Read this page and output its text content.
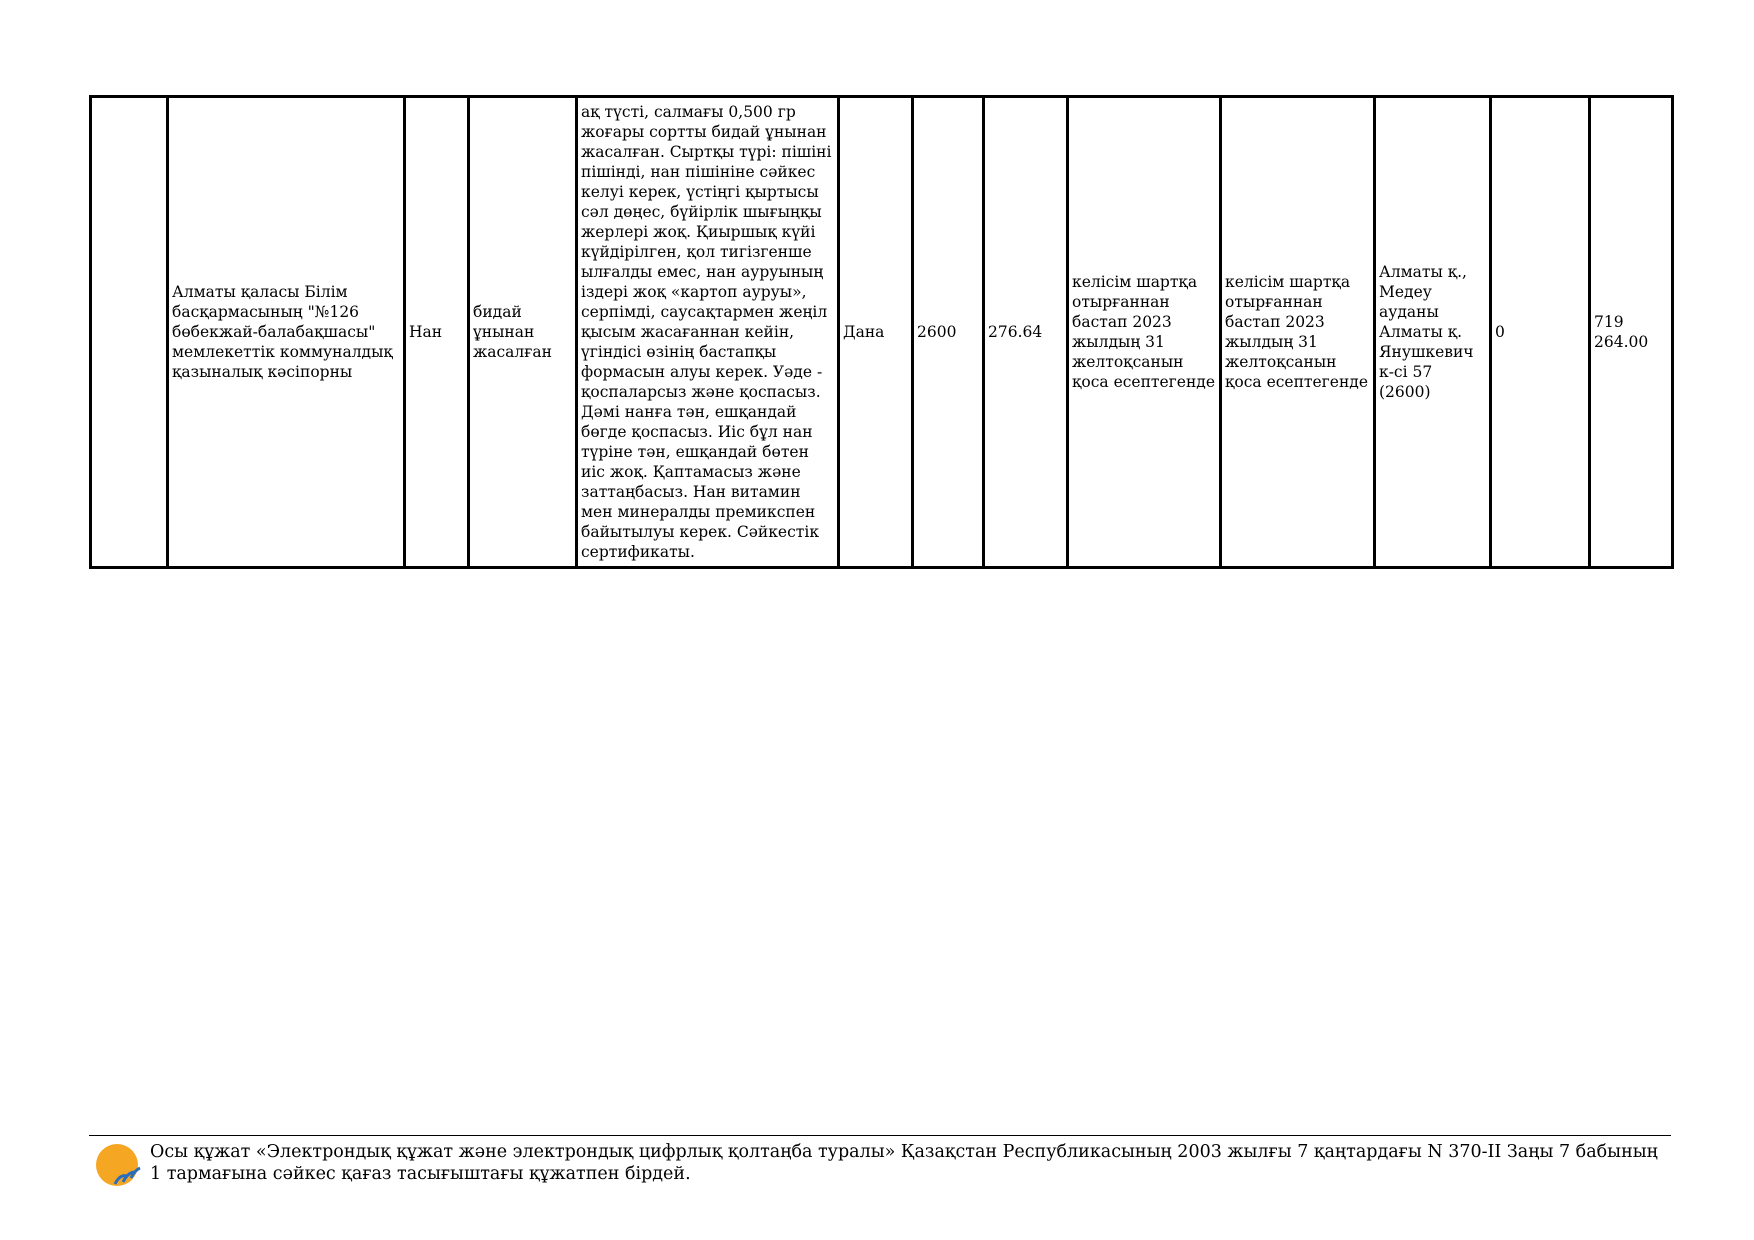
	Алматы қаласы Білім басқармасының "№126 бөбекжай-балабақшасы" мемлекеттік коммуналдық қазыналық кәсіпорны	Нан	бидай ұнынан жасалған	ақ түсті, салмағы 0,500 гр жоғары сортты бидай ұнынан жасалған. Сыртқы түрі: пішіні пішінді, нан пішініне сәйкес келуі керек, үстіңгі қыртысы сәл дөңес, бүйірлік шығыңқы жерлері жоқ. Қиыршық күйі күйдірілген, қол тигізгенше ылғалды емес, нан ауруының іздері жоқ «картоп ауруы», серпімді, саусақтармен жеңіл қысым жасағаннан кейін, үгіндісі өзінің бастапқы формасын алуы керек. Уәде - қоспаларсыз және қоспасыз. Дәмі нанға тән, ешқандай бөгде қоспасыз. Иіс бұл нан түріне тән, ешқандай бөтен иіс жоқ. Қаптамасыз және заттаңбасыз. Нан витамин мен минералды премикспен байытылуы керек. Сәйкестік сертификаты.	Дана	2600	276.64	келісім шартқа отырғаннан бастап 2023 жылдың 31 желтоқсанын қоса есептегенде	келісім шартқа отырғаннан бастап 2023 жылдың 31 желтоқсанын қоса есептегенде	Алматы қ., Медеу ауданы Алматы қ. Янушкевич к-сі 57 (2600)	0	719 264.00
Осы құжат «Электрондық құжат және электрондық цифрлық қолтаңба туралы» Қазақстан Республикасының 2003 жылғы 7 қаңтардағы N 370-II Заңы 7 бабының 1 тармағына сәйкес қағаз тасығыштағы құжатпен бірдей.
